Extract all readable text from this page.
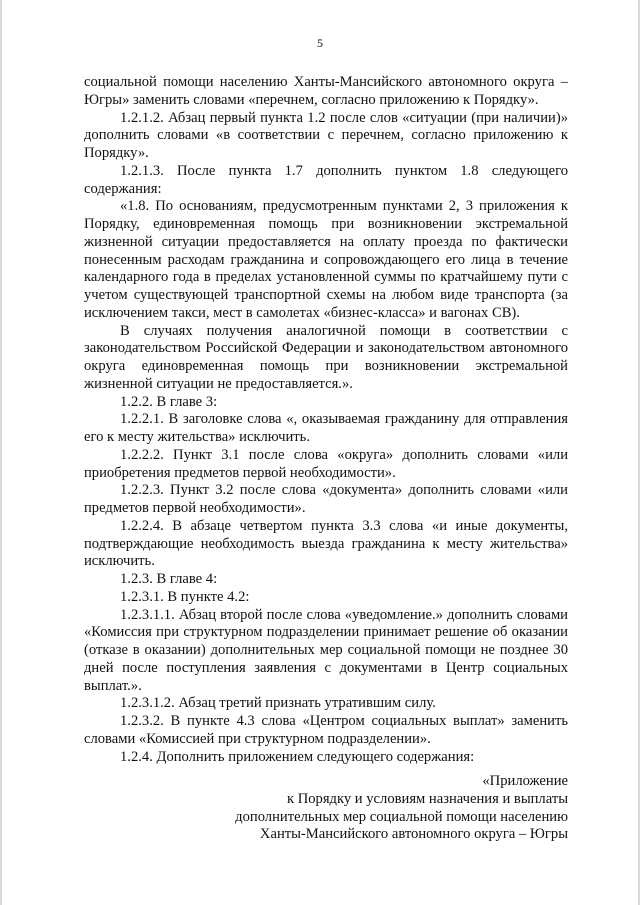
5

социальной помощи населению Ханты-Мансийского автономного округа – Югры» заменить словами «перечнем, согласно приложению к Порядку».

1.2.1.2. Абзац первый пункта 1.2 после слов «ситуации (при наличии)» дополнить словами «в соответствии с перечнем, согласно приложению к Порядку».

1.2.1.3. После пункта 1.7 дополнить пунктом 1.8 следующего содержания:

«1.8. По основаниям, предусмотренным пунктами 2, 3 приложения к Порядку, единовременная помощь при возникновении экстремальной жизненной ситуации предоставляется на оплату проезда по фактически понесенным расходам гражданина и сопровождающего его лица в течение календарного года в пределах установленной суммы по кратчайшему пути с учетом существующей транспортной схемы на любом виде транспорта (за исключением такси, мест в самолетах «бизнес-класса» и вагонах СВ).

В случаях получения аналогичной помощи в соответствии с законодательством Российской Федерации и законодательством автономного округа единовременная помощь при возникновении экстремальной жизненной ситуации не предоставляется.».

1.2.2. В главе 3:

1.2.2.1. В заголовке слова «, оказываемая гражданину для отправления его к месту жительства» исключить.

1.2.2.2. Пункт 3.1 после слова «округа» дополнить словами «или приобретения предметов первой необходимости».

1.2.2.3. Пункт 3.2 после слова «документа» дополнить словами «или предметов первой необходимости».

1.2.2.4. В абзаце четвертом пункта 3.3 слова «и иные документы, подтверждающие необходимость выезда гражданина к месту жительства» исключить.

1.2.3. В главе 4:

1.2.3.1. В пункте 4.2:

1.2.3.1.1. Абзац второй после слова «уведомление.» дополнить словами «Комиссия при структурном подразделении принимает решение об оказании (отказе в оказании) дополнительных мер социальной помощи не позднее 30 дней после поступления заявления с документами в Центр социальных выплат.».

1.2.3.1.2. Абзац третий признать утратившим силу.

1.2.3.2. В пункте 4.3 слова «Центром социальных выплат» заменить словами «Комиссией при структурном подразделении».

1.2.4. Дополнить приложением следующего содержания:

«Приложение
к Порядку и условиям назначения и выплаты
дополнительных мер социальной помощи населению
Ханты-Мансийского автономного округа – Югры
